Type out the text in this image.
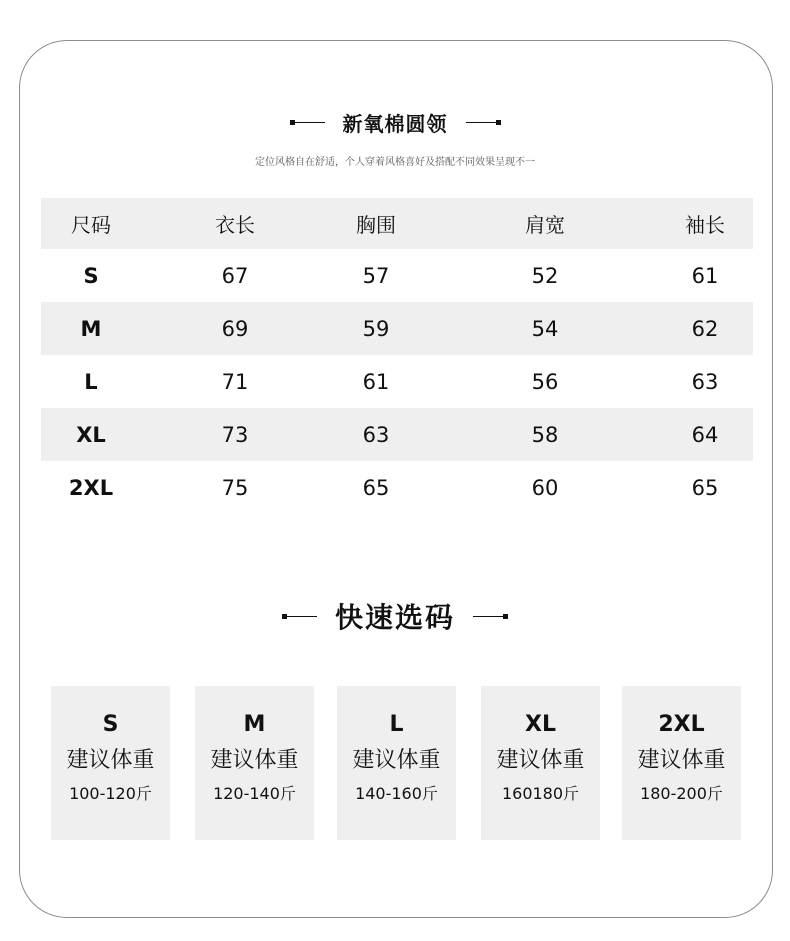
新氧棉圆领
定位风格自在舒适，个人穿着风格喜好及搭配不同效果呈现不一
尺码	衣长	胸围	肩宽	袖长
S	67	57	52	61
M	69	59	54	62
L	71	61	56	63
XL	73	63	58	64
2XL	75	65	60	65
快速选码
S
建议体重
100-120斤
M
建议体重
120-140斤
L
建议体重
140-160斤
XL
建议体重
160180斤
2XL
建议体重
180-200斤
